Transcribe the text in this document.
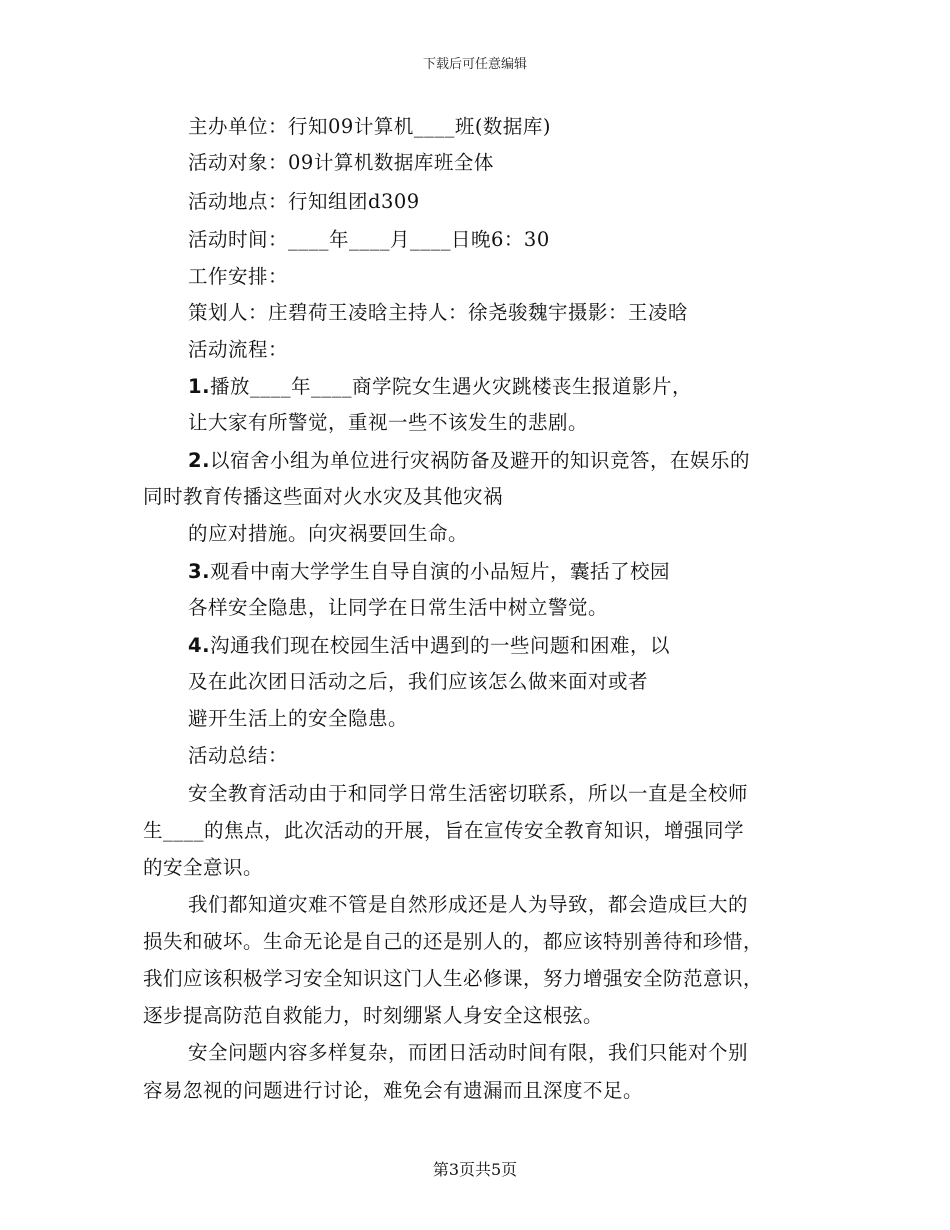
下载后可任意编辑
主办单位：行知09计算机____班(数据库)
活动对象：09计算机数据库班全体
活动地点：行知组团d309
活动时间：____年____月____日晚6：30
工作安排：
策划人：庄碧荷王凌晗主持人：徐尧骏魏宇摄影：王凌晗
活动流程：
1.播放____年____商学院女生遇火灾跳楼丧生报道影片，
让大家有所警觉，重视一些不该发生的悲剧。
2.以宿舍小组为单位进行灾祸防备及避开的知识竞答，在娱乐的
同时教育传播这些面对火水灾及其他灾祸
的应对措施。向灾祸要回生命。
3.观看中南大学学生自导自演的小品短片，囊括了校园
各样安全隐患，让同学在日常生活中树立警觉。
4.沟通我们现在校园生活中遇到的一些问题和困难，以
及在此次团日活动之后，我们应该怎么做来面对或者
避开生活上的安全隐患。
活动总结：
安全教育活动由于和同学日常生活密切联系，所以一直是全校师
生____的焦点，此次活动的开展，旨在宣传安全教育知识，增强同学
的安全意识。
我们都知道灾难不管是自然形成还是人为导致，都会造成巨大的
损失和破坏。生命无论是自己的还是别人的，都应该特别善待和珍惜，
我们应该积极学习安全知识这门人生必修课，努力增强安全防范意识，
逐步提高防范自救能力，时刻绷紧人身安全这根弦。
安全问题内容多样复杂，而团日活动时间有限，我们只能对个别
容易忽视的问题进行讨论，难免会有遗漏而且深度不足。
第3页共5页
